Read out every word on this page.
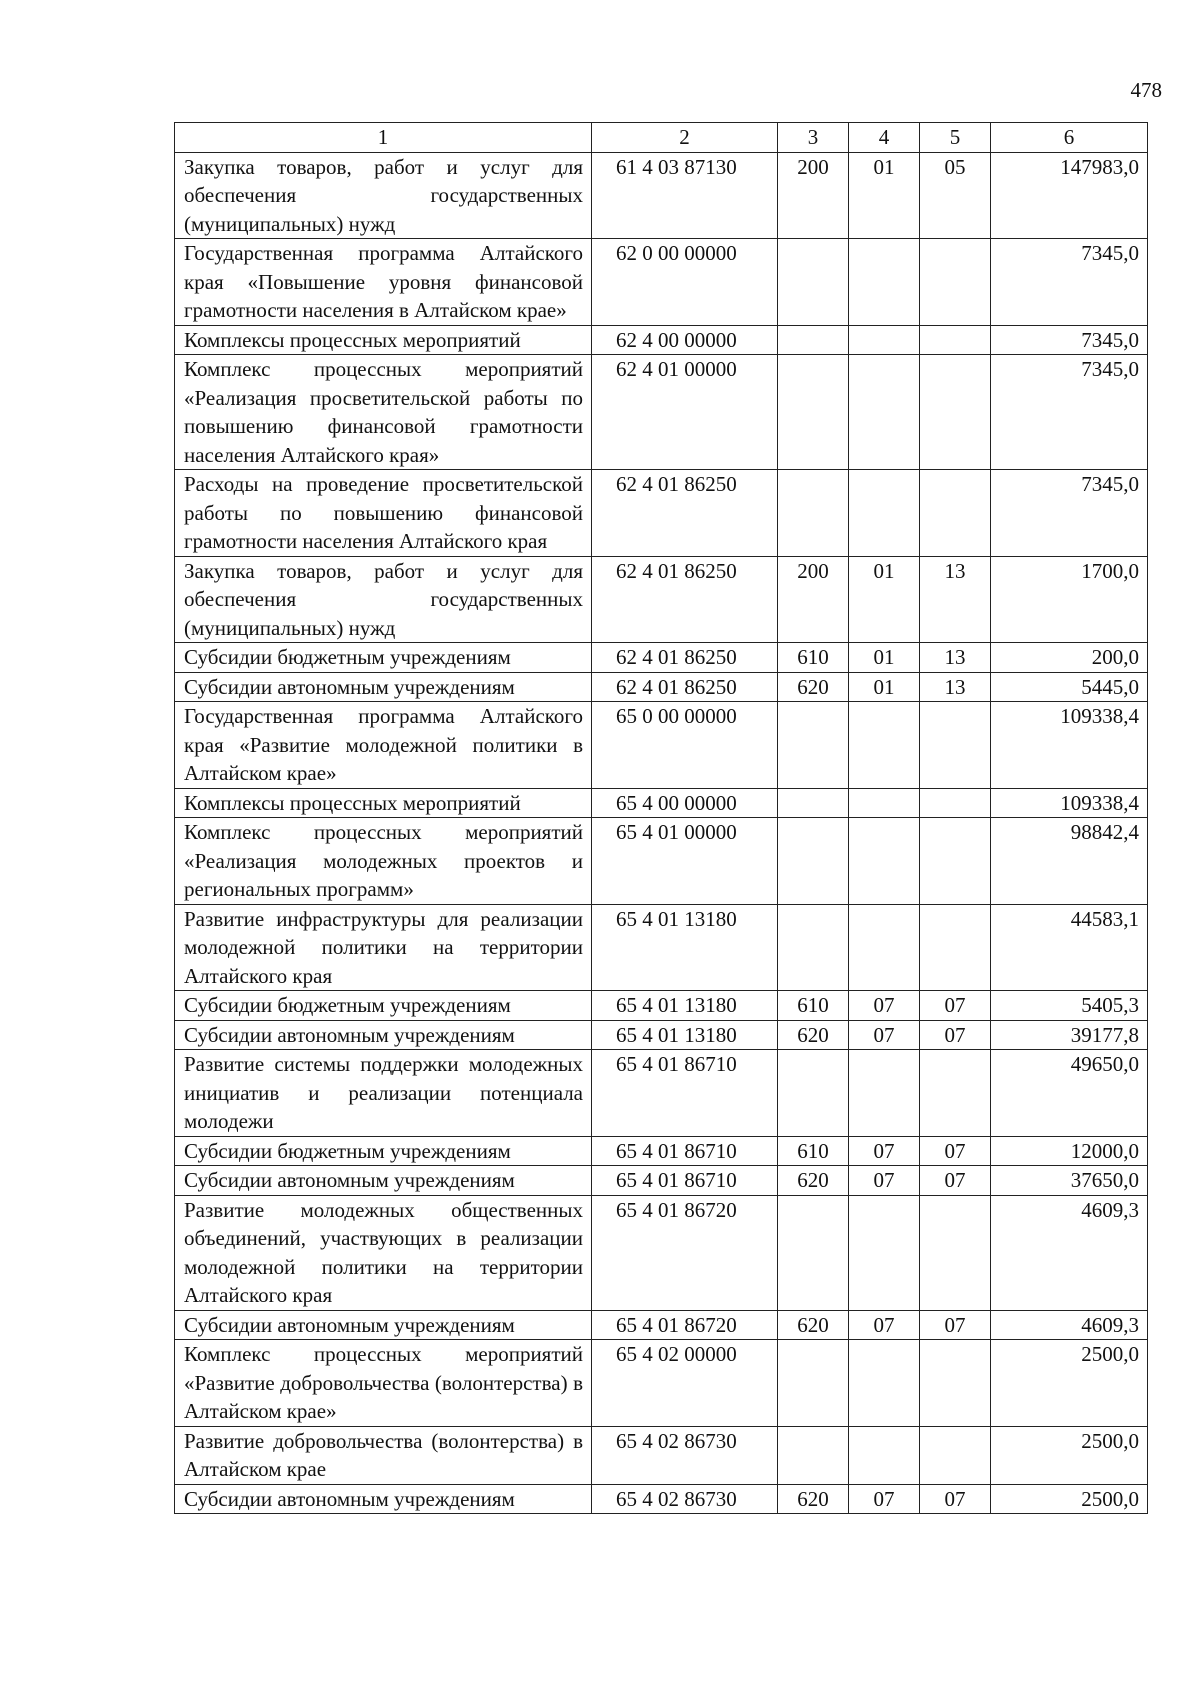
478
1	2	3	4	5	6
Закупка товаров, работ и услуг для обеспечения государственных (муниципальных) нужд	61 4 03 87130	200	01	05	147983,0
Государственная программа Алтайского края «Повышение уровня финансовой грамотности населения в Алтайском крае»	62 0 00 00000				7345,0
Комплексы процессных мероприятий	62 4 00 00000				7345,0
Комплекс процессных мероприятий «Реализация просветительской работы по повышению финансовой грамотности населения Алтайского края»	62 4 01 00000				7345,0
Расходы на проведение просветительской работы по повышению финансовой грамотности населения Алтайского края	62 4 01 86250				7345,0
Закупка товаров, работ и услуг для обеспечения государственных (муниципальных) нужд	62 4 01 86250	200	01	13	1700,0
Субсидии бюджетным учреждениям	62 4 01 86250	610	01	13	200,0
Субсидии автономным учреждениям	62 4 01 86250	620	01	13	5445,0
Государственная программа Алтайского края «Развитие молодежной политики в Алтайском крае»	65 0 00 00000				109338,4
Комплексы процессных мероприятий	65 4 00 00000				109338,4
Комплекс процессных мероприятий «Реализация молодежных проектов и региональных программ»	65 4 01 00000				98842,4
Развитие инфраструктуры для реализации молодежной политики на территории Алтайского края	65 4 01 13180				44583,1
Субсидии бюджетным учреждениям	65 4 01 13180	610	07	07	5405,3
Субсидии автономным учреждениям	65 4 01 13180	620	07	07	39177,8
Развитие системы поддержки молодежных инициатив и реализации потенциала молодежи	65 4 01 86710				49650,0
Субсидии бюджетным учреждениям	65 4 01 86710	610	07	07	12000,0
Субсидии автономным учреждениям	65 4 01 86710	620	07	07	37650,0
Развитие молодежных общественных объединений, участвующих в реализации молодежной политики на территории Алтайского края	65 4 01 86720				4609,3
Субсидии автономным учреждениям	65 4 01 86720	620	07	07	4609,3
Комплекс процессных мероприятий «Развитие добровольчества (волонтерства) в Алтайском крае»	65 4 02 00000				2500,0
Развитие добровольчества (волонтерства) в Алтайском крае	65 4 02 86730				2500,0
Субсидии автономным учреждениям	65 4 02 86730	620	07	07	2500,0
